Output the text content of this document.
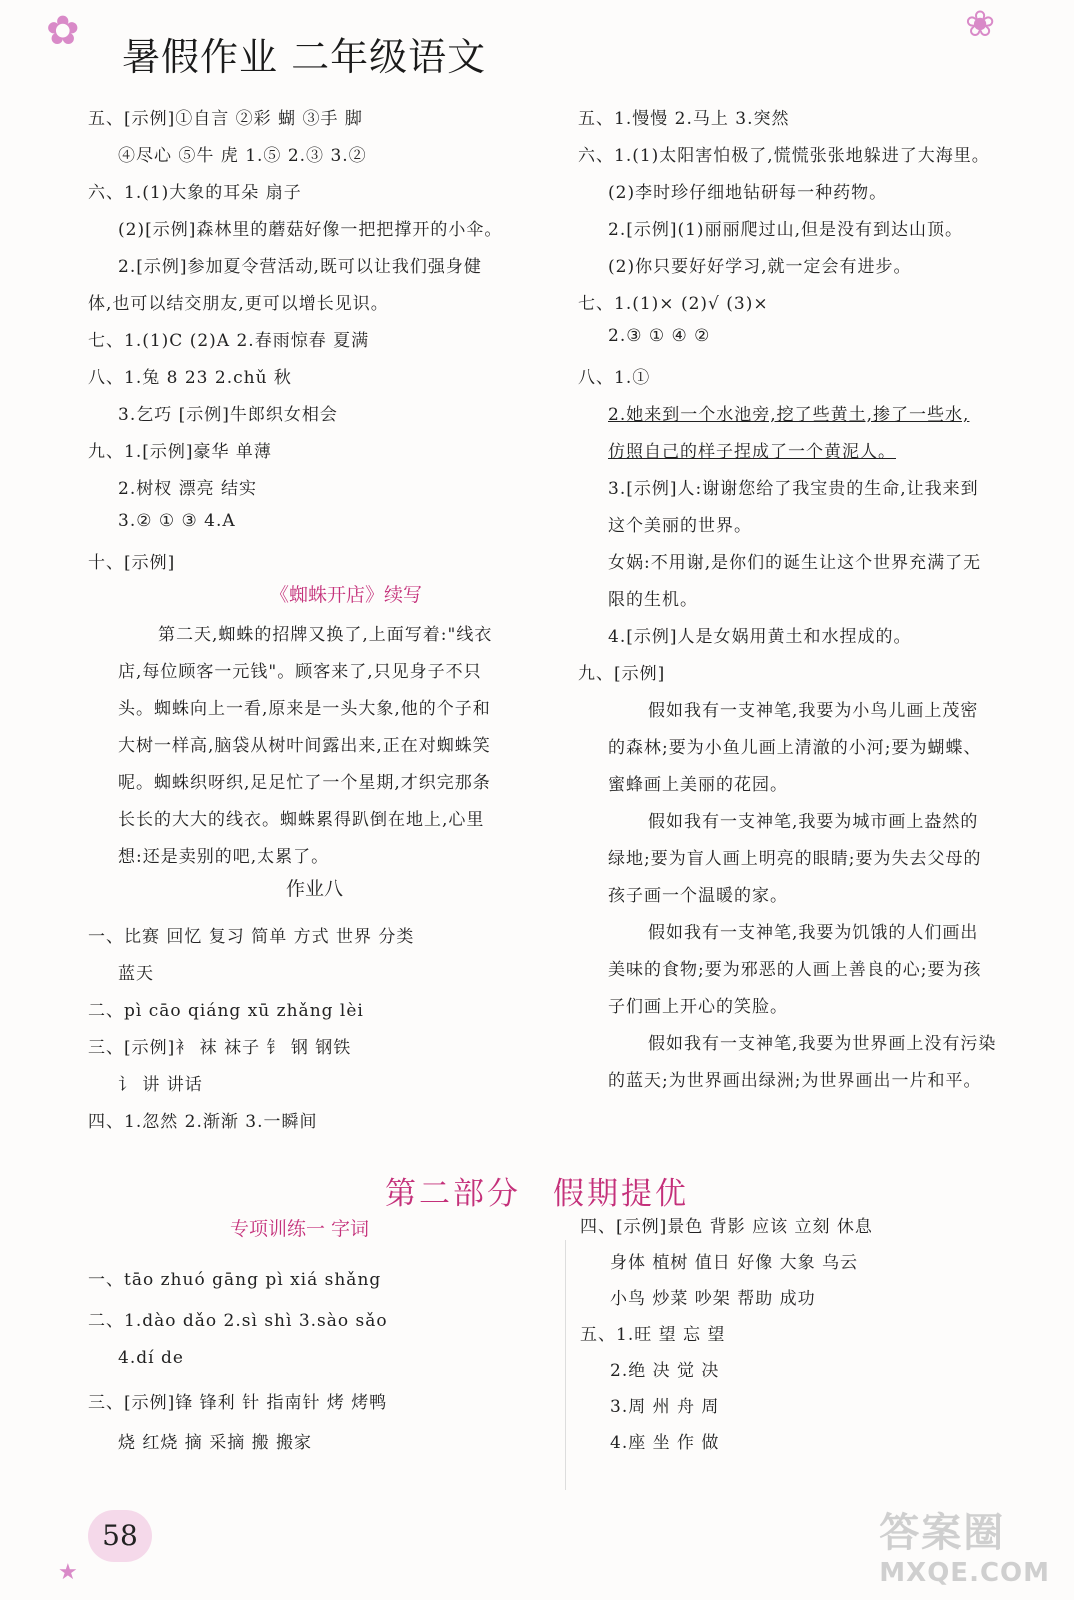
✿	❀
★
暑假作业 二年级语文
五、[示例]①自言 ②彩 蝴 ③手 脚
④尽心 ⑤牛 虎 1.⑤ 2.③ 3.②
六、1.(1)大象的耳朵 扇子
(2)[示例]森林里的蘑菇好像一把把撑开的小伞。
2.[示例]参加夏令营活动,既可以让我们强身健
体,也可以结交朋友,更可以增长见识。
七、1.(1)C (2)A 2.春雨惊春 夏满
八、1.兔 8 23 2.chǔ 秋
3.乞巧 [示例]牛郎织女相会
九、1.[示例]豪华 单薄
2.树杈 漂亮 结实
3.② ① ③ 4.A
十、[示例]
第二天,蜘蛛的招牌又换了,上面写着:"线衣
店,每位顾客一元钱"。顾客来了,只见身子不只
头。蜘蛛向上一看,原来是一头大象,他的个子和
大树一样高,脑袋从树叶间露出来,正在对蜘蛛笑
呢。蜘蛛织呀织,足足忙了一个星期,才织完那条
长长的大大的线衣。蜘蛛累得趴倒在地上,心里
想:还是卖别的吧,太累了。
一、比赛 回忆 复习 简单 方式 世界 分类
蓝天
二、pì cāo qiáng xū zhǎng lèi
三、[示例]衤 袜 袜子 钅 钢 钢铁
讠 讲 讲话
四、1.忽然 2.渐渐 3.一瞬间
《蜘蛛开店》续写
作业八
五、1.慢慢 2.马上 3.突然
六、1.(1)太阳害怕极了,慌慌张张地躲进了大海里。
(2)李时珍仔细地钻研每一种药物。
2.[示例](1)丽丽爬过山,但是没有到达山顶。
(2)你只要好好学习,就一定会有进步。
七、1.(1)× (2)√ (3)×
2.③ ① ④ ②
八、1.①
2.她来到一个水池旁,挖了些黄土,掺了一些水,
仿照自己的样子捏成了一个黄泥人。
3.[示例]人:谢谢您给了我宝贵的生命,让我来到
这个美丽的世界。
女娲:不用谢,是你们的诞生让这个世界充满了无
限的生机。
4.[示例]人是女娲用黄土和水捏成的。
九、[示例]
假如我有一支神笔,我要为小鸟儿画上茂密
的森林;要为小鱼儿画上清澈的小河;要为蝴蝶、
蜜蜂画上美丽的花园。
假如我有一支神笔,我要为城市画上盎然的
绿地;要为盲人画上明亮的眼睛;要为失去父母的
孩子画一个温暖的家。
假如我有一支神笔,我要为饥饿的人们画出
美味的食物;要为邪恶的人画上善良的心;要为孩
子们画上开心的笑脸。
假如我有一支神笔,我要为世界画上没有污染
的蓝天;为世界画出绿洲;为世界画出一片和平。
第二部分 假期提优
专项训练一 字词
一、tāo zhuó gāng pì xiá shǎng
二、1.dào dǎo 2.sì shì 3.sào sǎo
4.dí de
三、[示例]锋 锋利 针 指南针 烤 烤鸭
烧 红烧 摘 采摘 搬 搬家
四、[示例]景色 背影 应该 立刻 休息
身体 植树 值日 好像 大象 乌云
小鸟 炒菜 吵架 帮助 成功
五、1.旺 望 忘 望
2.绝 决 觉 决
3.周 州 舟 周
4.座 坐 作 做
58	答案圈
MXQE.COM
